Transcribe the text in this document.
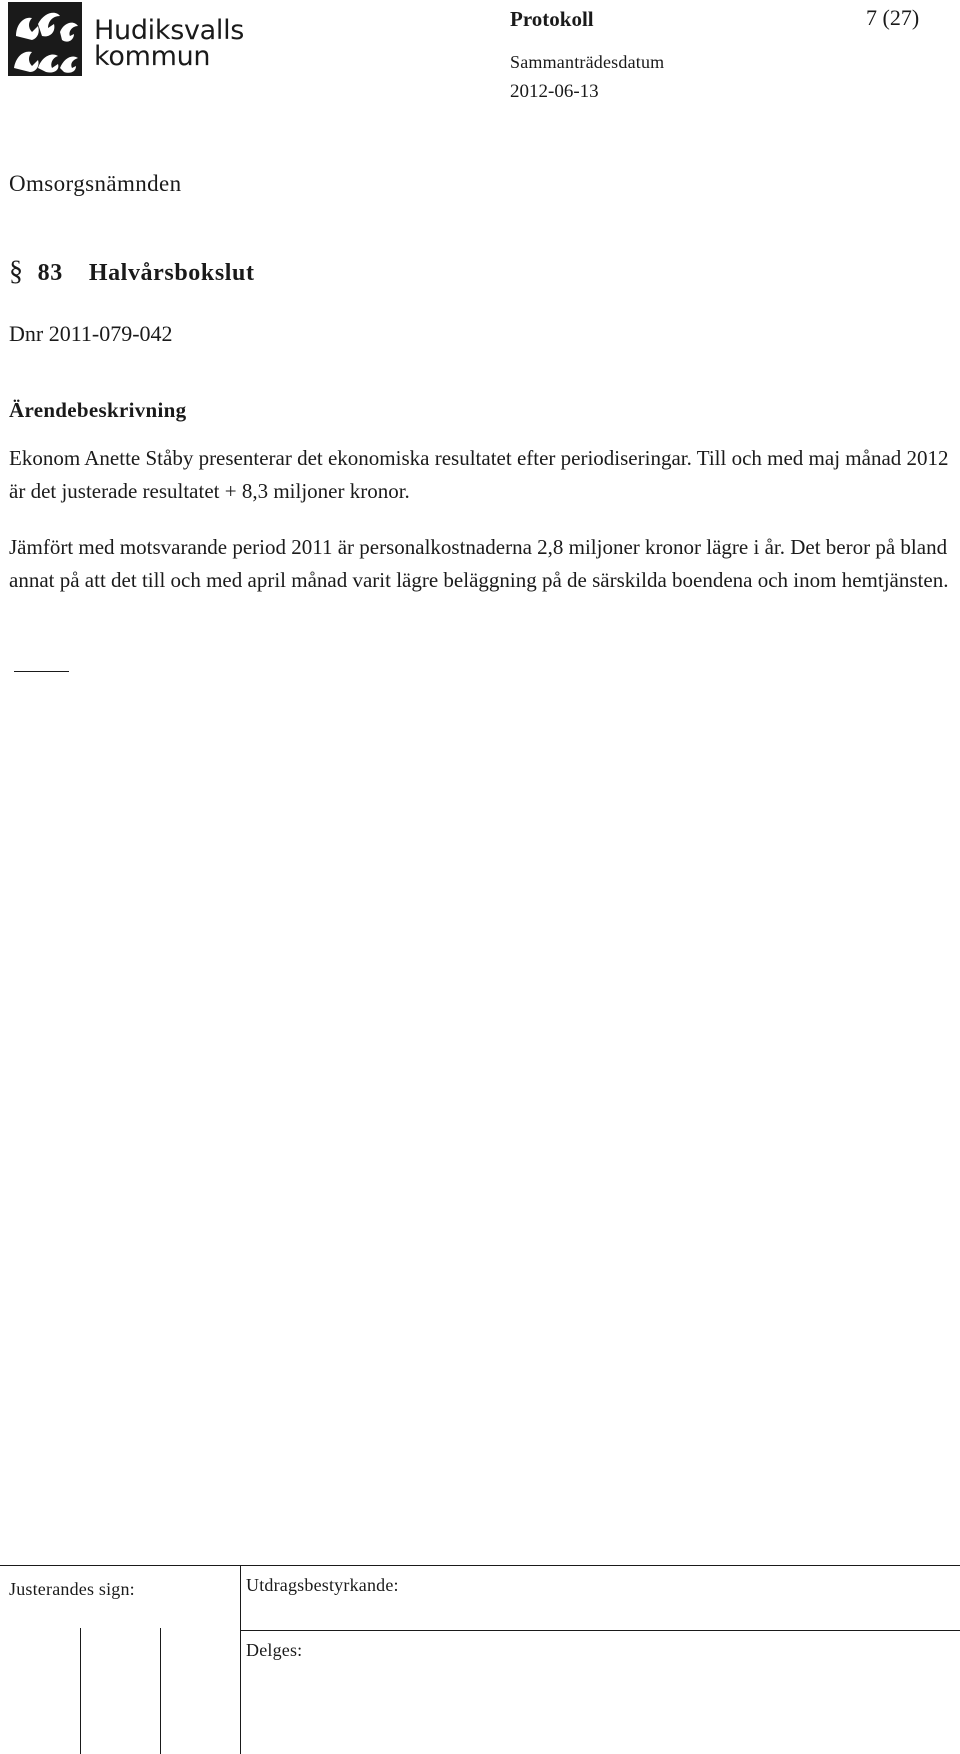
Hudiksvalls
kommun
Protokoll	7 (27)
Sammanträdesdatum
2012-06-13
Omsorgsnämnden
§ 83 Halvårsbokslut
Dnr 2011-079-042
Ärendebeskrivning
Ekonom Anette Ståby presenterar det ekonomiska resultatet efter periodiseringar. Till och med maj månad 2012 är det justerade resultatet + 8,3 miljoner kronor.
Jämfört med motsvarande period 2011 är personalkostnaderna 2,8 miljoner kronor lägre i år. Det beror på bland annat på att det till och med april månad varit lägre beläggning på de särskilda boendena och inom hemtjänsten.
Justerandes sign:	Utdragsbestyrkande:
Delges:
